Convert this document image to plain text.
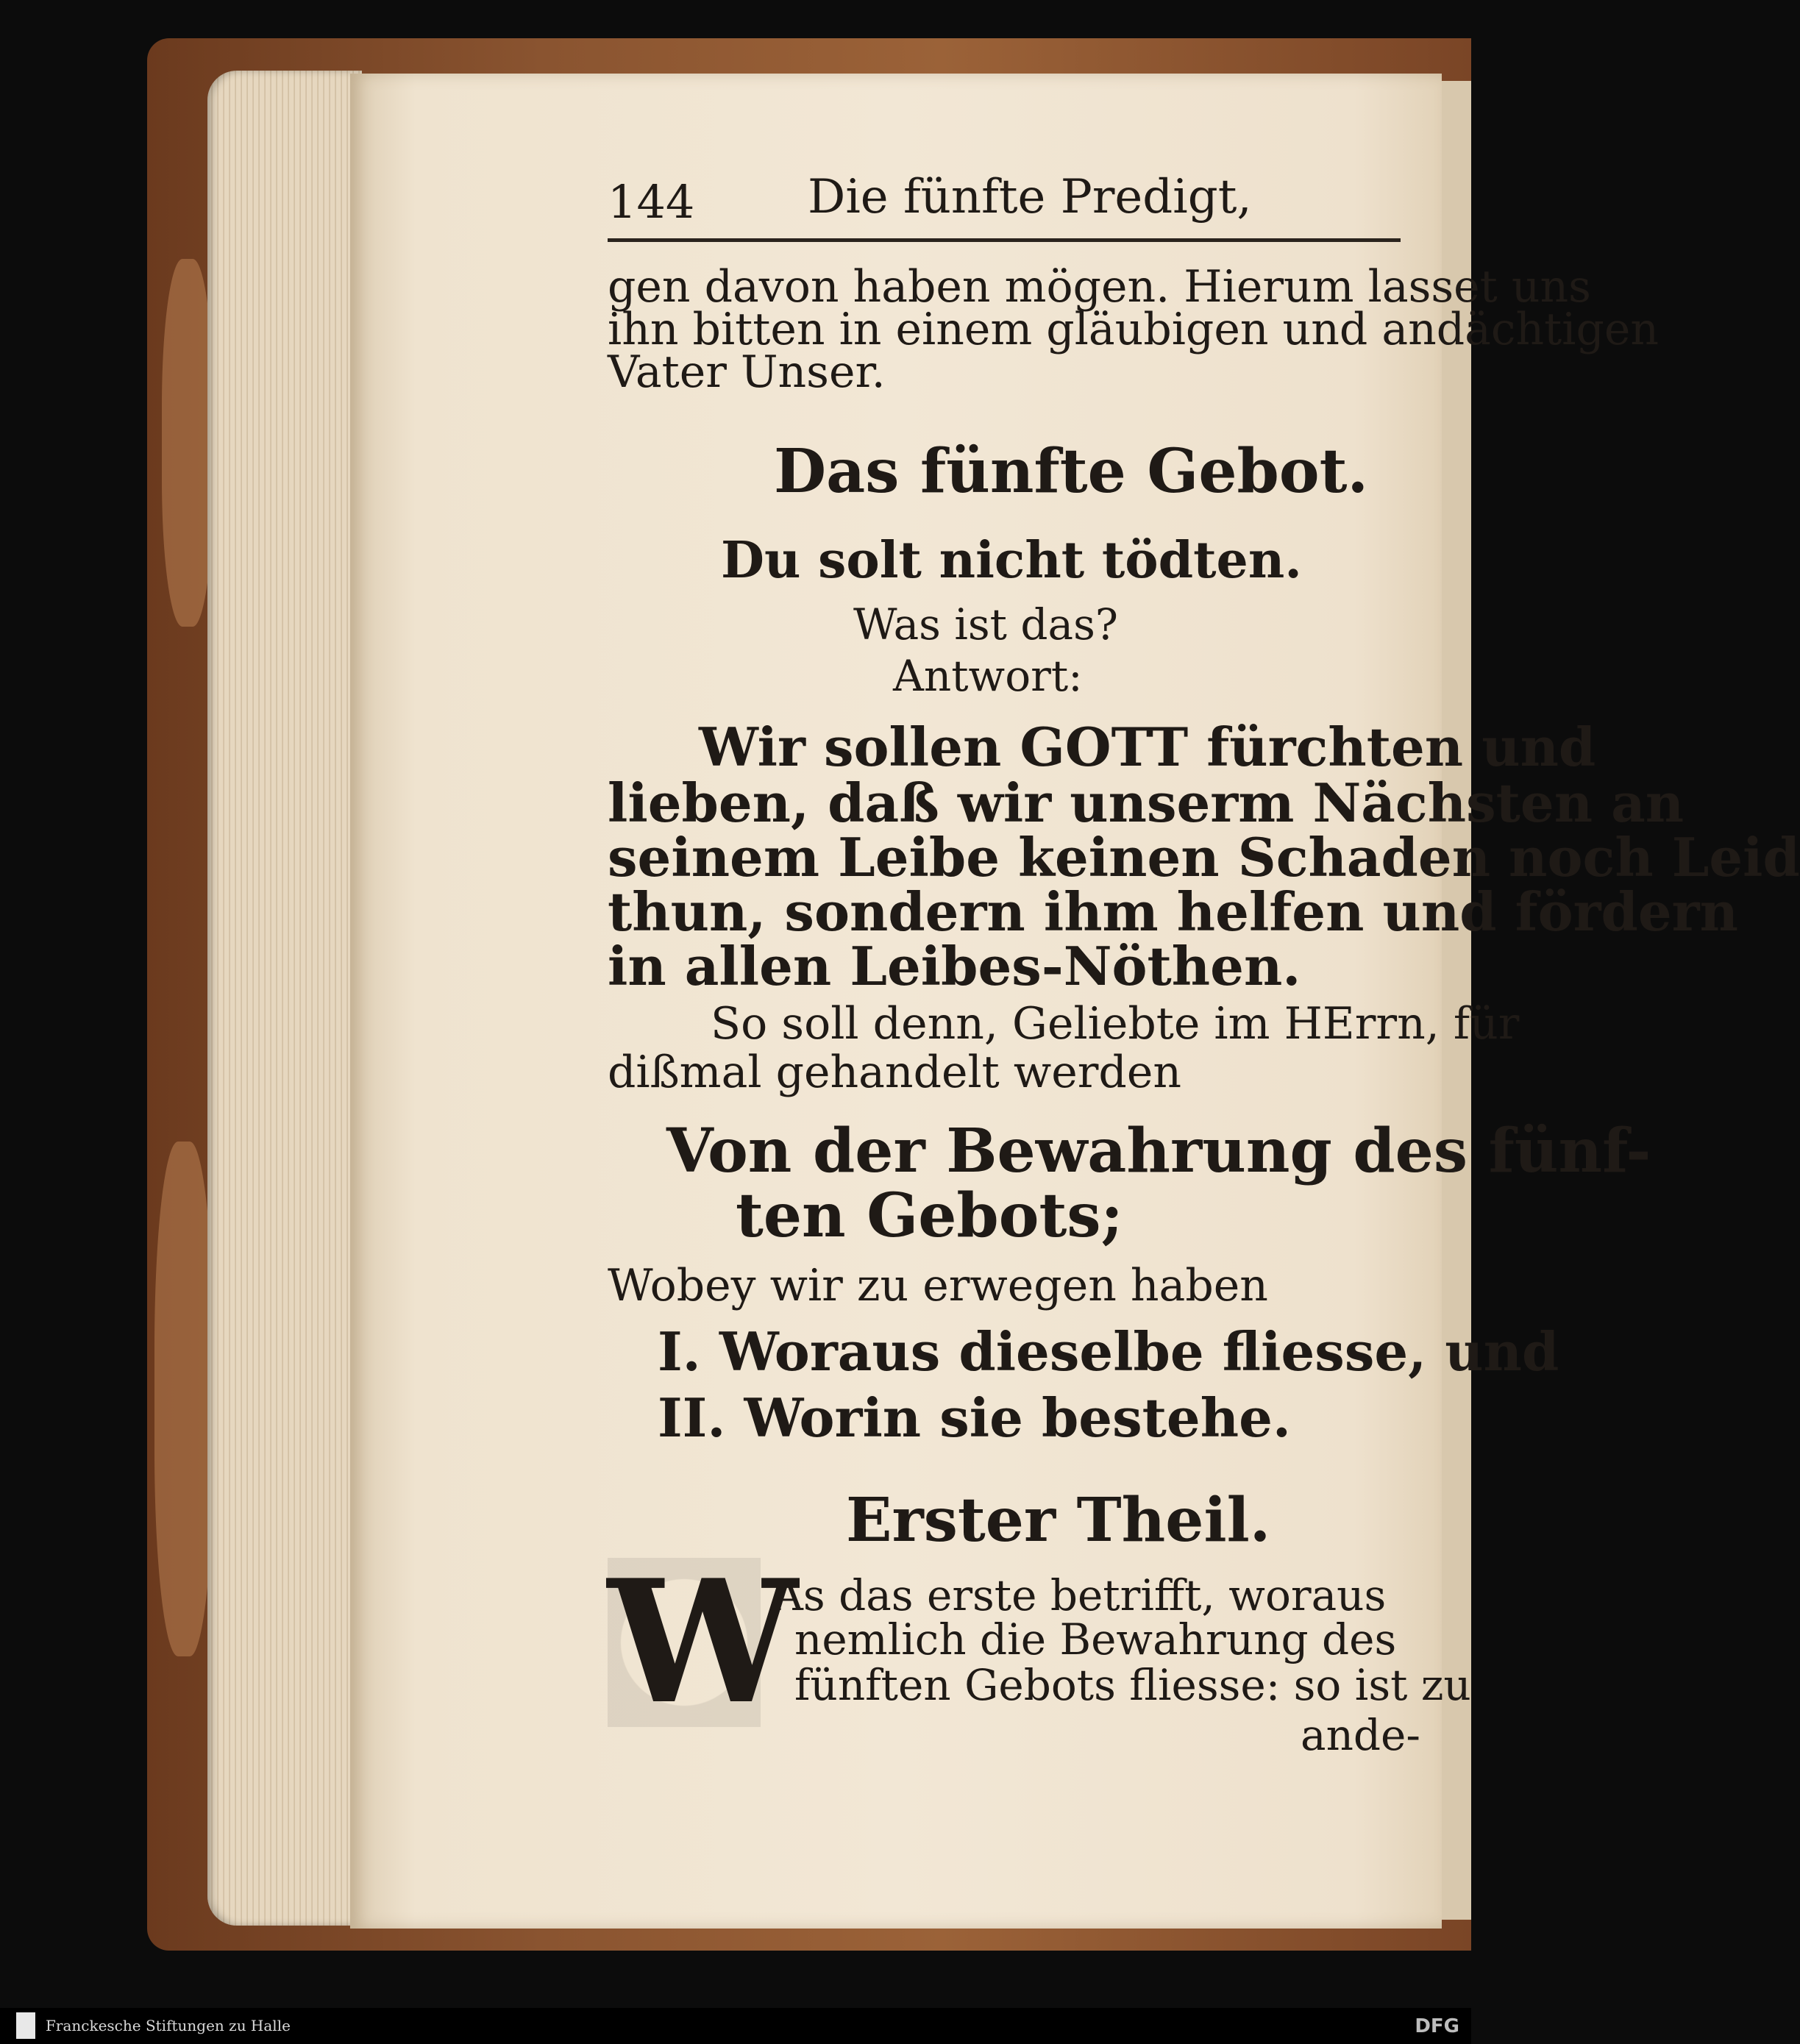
144 Die fünfte Predigt,
gen davon haben mögen. Hierum lasset uns
ihn bitten in einem gläubigen und andächtigen
Vater Unser.
Das fünfte Gebot.
Du solt nicht tödten.
Was ist das?
Antwort:
Wir sollen GOTT fürchten und
lieben, daß wir unserm Nächsten an
seinem Leibe keinen Schaden noch Leid
thun, sondern ihm helfen und fördern
in allen Leibes-Nöthen.
So soll denn, Geliebte im HErrn, für
dißmal gehandelt werden
Von der Bewahrung des fünf-
ten Gebots;
Wobey wir zu erwegen haben
I. Woraus dieselbe fliesse, und
II. Worin sie bestehe.
Erster Theil.
W
As das erste betrifft, woraus
nemlich die Bewahrung des
fünften Gebots fliesse: so ist zu
ande-
Franckesche Stiftungen zu Halle	DFG
